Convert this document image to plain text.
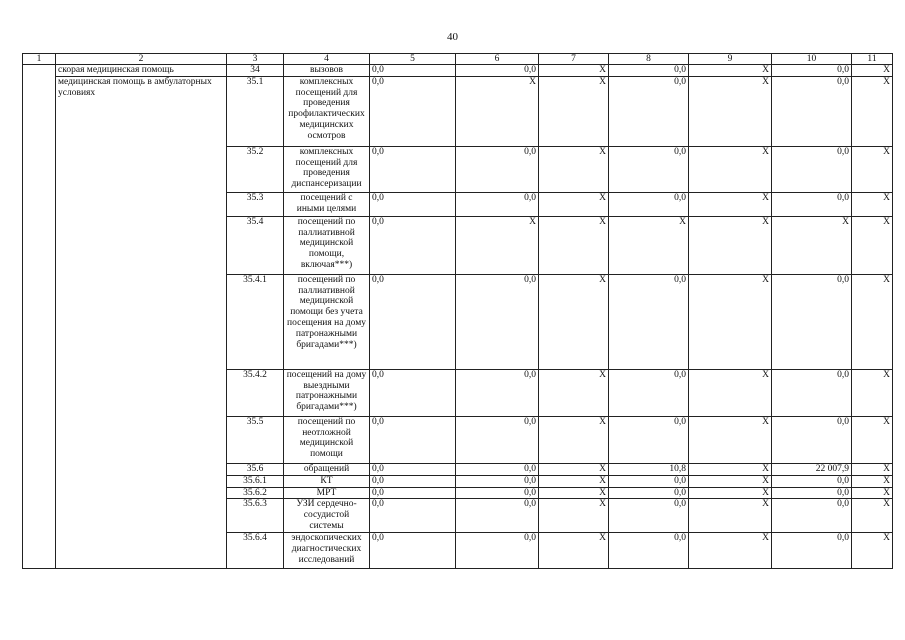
40
1	2	3	4	5	6	7	8	9	10	11
	скорая медицинская помощь	34	вызовов	0,0	0,0	X	0,0	X	0,0	X
	медицинская помощь в амбулаторных условиях	35.1	комплексных посещений для проведения профилактических медицинских осмотров	0,0	X	X	0,0	X	0,0	X
		35.2	комплексных посещений для проведения диспансеризации	0,0	0,0	X	0,0	X	0,0	X
		35.3	посещений с иными целями	0,0	0,0	X	0,0	X	0,0	X
		35.4	посещений по паллиативной медицинской помощи, включая***)	0,0	X	X	X	X	X	X
		35.4.1	посещений по паллиативной медицинской помощи без учета посещения на дому патронажными бригадами***)	0,0	0,0	X	0,0	X	0,0	X
		35.4.2	посещений на дому выездными патронажными бригадами***)	0,0	0,0	X	0,0	X	0,0	X
		35.5	посещений по неотложной медицинской помощи	0,0	0,0	X	0,0	X	0,0	X
		35.6	обращений	0,0	0,0	X	10,8	X	22 007,9	X
		35.6.1	КТ	0,0	0,0	X	0,0	X	0,0	X
		35.6.2	МРТ	0,0	0,0	X	0,0	X	0,0	X
		35.6.3	УЗИ сердечно-сосудистой системы	0,0	0,0	X	0,0	X	0,0	X
		35.6.4	эндоскопических диагностических исследований	0,0	0,0	X	0,0	X	0,0	X
